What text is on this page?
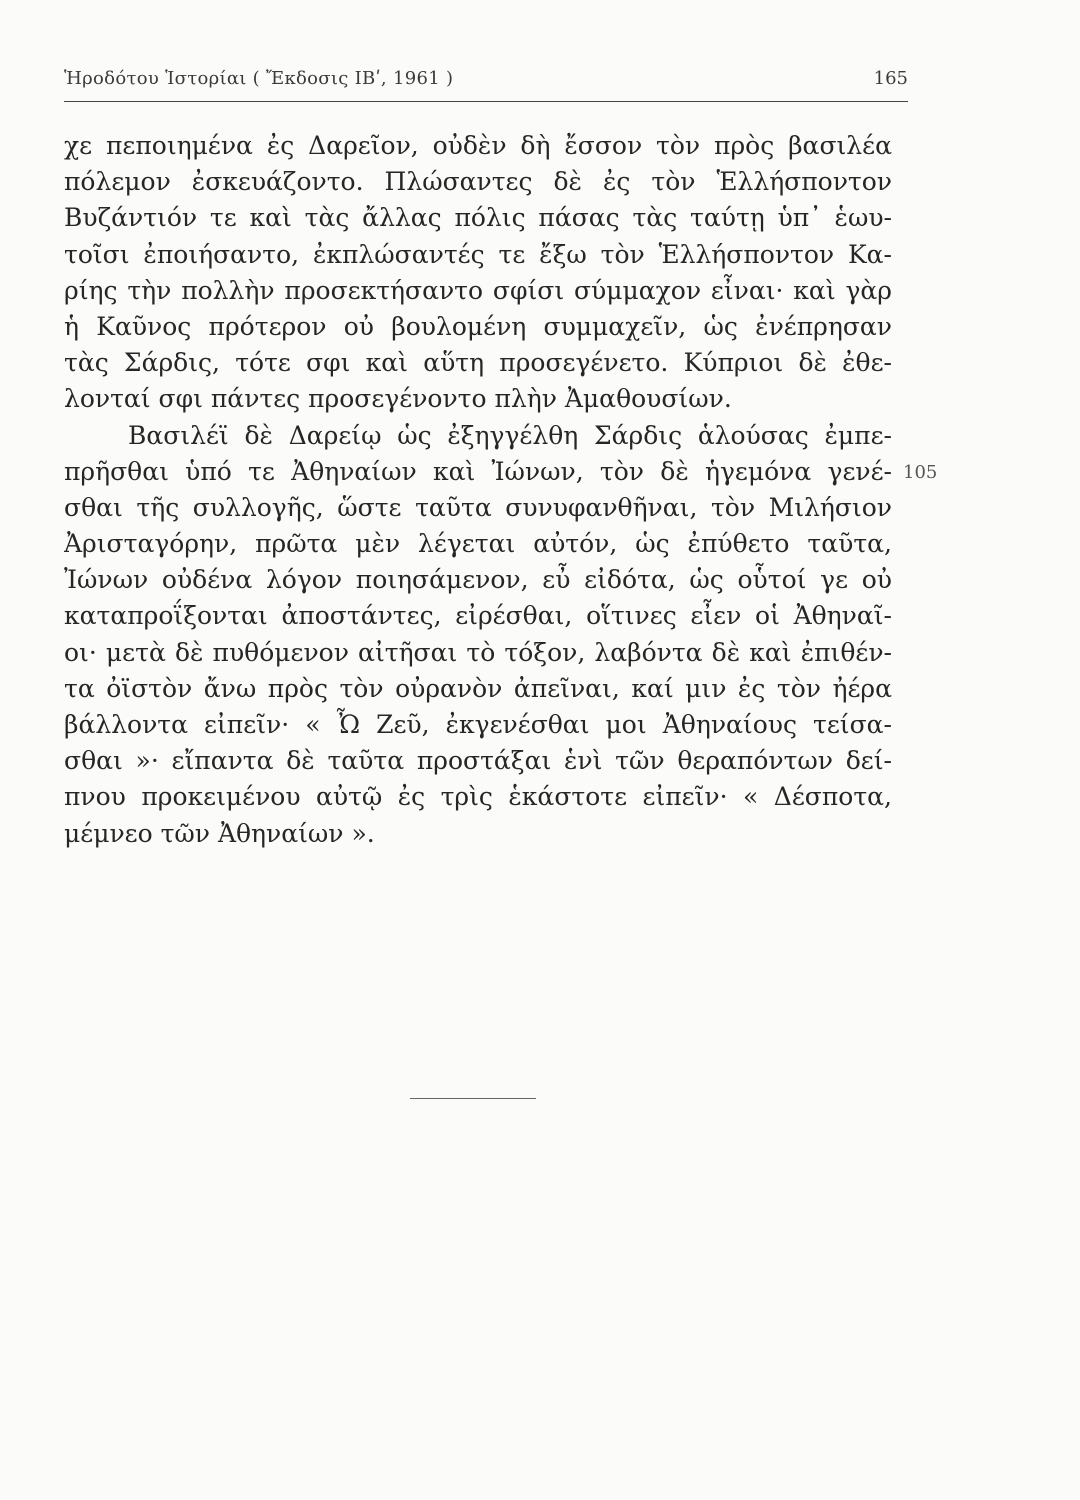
Ἡροδότου Ἱστορίαι ( Ἔκδοσις ΙΒʹ, 1961 )	165
χε πεποιημένα ἐς Δαρεῖον, οὐδὲν δὴ ἔσσον τὸν πρὸς βασιλέα
πόλεμον ἐσκευάζοντο. Πλώσαντες δὲ ἐς τὸν Ἑλλήσποντον
Βυζάντιόν τε καὶ τὰς ἄλλας πόλις πάσας τὰς ταύτῃ ὑπ᾽ ἑωυ-
τοῖσι ἐποιήσαντο, ἐκπλώσαντές τε ἔξω τὸν Ἑλλήσποντον Κα-
ρίης τὴν πολλὴν προσεκτήσαντο σφίσι σύμμαχον εἶναι· καὶ γὰρ
ἡ Καῦνος πρότερον οὐ βουλομένη συμμαχεῖν, ὡς ἐνέπρησαν
τὰς Σάρδις, τότε σφι καὶ αὕτη προσεγένετο. Κύπριοι δὲ ἐθε-
λονταί σφι πάντες προσεγένοντο πλὴν Ἀμαθουσίων.
Βασιλέϊ δὲ Δαρείῳ ὡς ἐξηγγέλθη Σάρδις ἁλούσας ἐμπε-
πρῆσθαι ὑπό τε Ἀθηναίων καὶ Ἰώνων, τὸν δὲ ἡγεμόνα γενέ-
σθαι τῆς συλλογῆς, ὥστε ταῦτα συνυφανθῆναι, τὸν Μιλήσιον
Ἀρισταγόρην, πρῶτα μὲν λέγεται αὐτόν, ὡς ἐπύθετο ταῦτα,
Ἰώνων οὐδένα λόγον ποιησάμενον, εὖ εἰδότα, ὡς οὗτοί γε οὐ
καταπροΐξονται ἀποστάντες, εἰρέσθαι, οἵτινες εἶεν οἱ Ἀθηναῖ-
οι· μετὰ δὲ πυθόμενον αἰτῆσαι τὸ τόξον, λαβόντα δὲ καὶ ἐπιθέν-
τα ὀϊστὸν ἄνω πρὸς τὸν οὐρανὸν ἀπεῖναι, καί μιν ἐς τὸν ἠέρα
βάλλοντα εἰπεῖν· « Ὦ Ζεῦ, ἐκγενέσθαι μοι Ἀθηναίους τείσα-
σθαι »· εἴπαντα δὲ ταῦτα προστάξαι ἑνὶ τῶν θεραπόντων δεί-
πνου προκειμένου αὐτῷ ἐς τρὶς ἑκάστοτε εἰπεῖν· « Δέσποτα,
μέμνεο τῶν Ἀθηναίων ».
105
